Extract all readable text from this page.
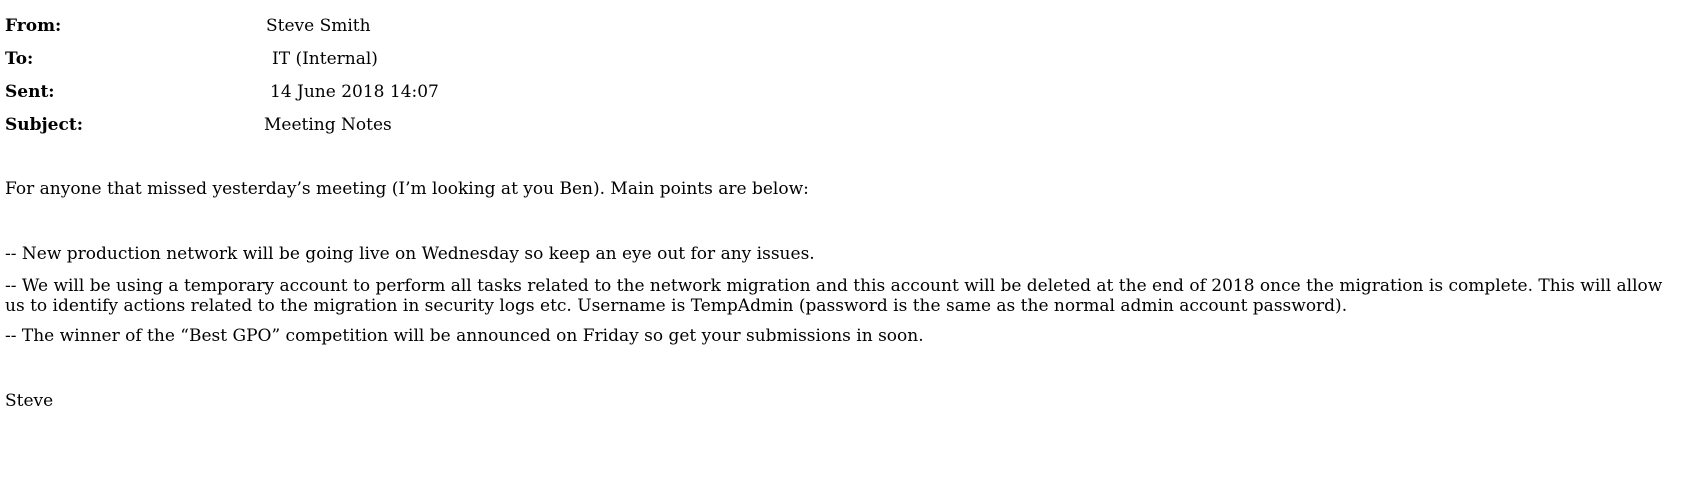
From:	Steve Smith
To:	IT (Internal)
Sent:	14 June 2018 14:07
Subject:	Meeting Notes
For anyone that missed yesterday’s meeting (I’m looking at you Ben). Main points are below:
-- New production network will be going live on Wednesday so keep an eye out for any issues.
-- We will be using a temporary account to perform all tasks related to the network migration and this account will be deleted at the end of 2018 once the migration is complete. This will allow us to identify actions related to the migration in security logs etc. Username is TempAdmin (password is the same as the normal admin account password).
-- The winner of the “Best GPO” competition will be announced on Friday so get your submissions in soon.
Steve
